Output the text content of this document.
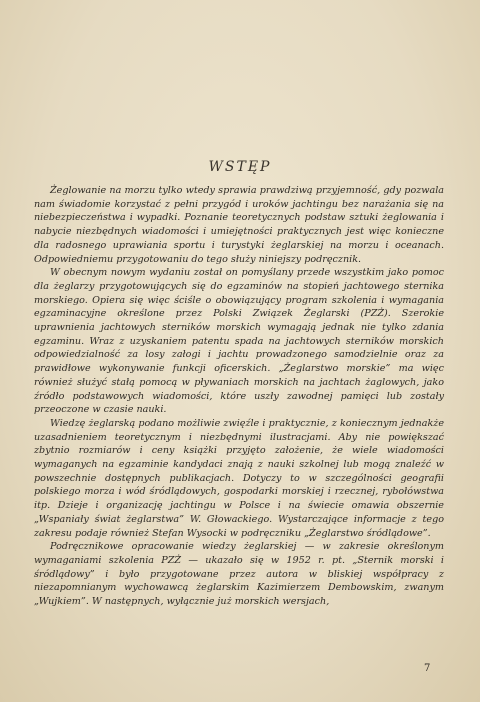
WSTĘP

Żeglowanie na morzu tylko wtedy sprawia prawdziwą przyjemność, gdy pozwala nam świadomie korzystać z pełni przygód i uroków jachtingu bez narażania się na niebezpieczeństwa i wypadki. Poznanie teoretycznych podstaw sztuki żeglowania i nabycie niezbędnych wiadomości i umiejętności praktycznych jest więc konieczne dla radosnego uprawiania sportu i turystyki żeglarskiej na morzu i oceanach. Odpowiedniemu przygotowaniu do tego służy niniejszy podręcznik.

W obecnym nowym wydaniu został on pomyślany przede wszystkim jako pomoc dla żeglarzy przygotowujących się do egzaminów na stopień jachtowego sternika morskiego. Opiera się więc ściśle o obowiązujący program szkolenia i wymagania egzaminacyjne określone przez Polski Związek Żeglarski (PZŻ). Szerokie uprawnienia jachtowych sterników morskich wymagają jednak nie tylko zdania egzaminu. Wraz z uzyskaniem patentu spada na jachtowych sterników morskich odpowiedzialność za losy załogi i jachtu prowadzonego samodzielnie oraz za prawidłowe wykonywanie funkcji oficerskich. „Żeglarstwo morskie” ma więc również służyć stałą pomocą w pływaniach morskich na jachtach żaglowych, jako źródło podstawowych wiadomości, które uszły zawodnej pamięci lub zostały przeoczone w czasie nauki.

Wiedzę żeglarską podano możliwie zwięźle i praktycznie, z koniecznym jednakże uzasadnieniem teoretycznym i niezbędnymi ilustracjami. Aby nie powiększać zbytnio rozmiarów i ceny książki przyjęto założenie, że wiele wiadomości wymaganych na egzaminie kandydaci znają z nauki szkolnej lub mogą znaleźć w powszechnie dostępnych publikacjach. Dotyczy to w szczególności geografii polskiego morza i wód śródlądowych, gospodarki morskiej i rzecznej, rybołówstwa itp. Dzieje i organizację jachtingu w Polsce i na świecie omawia obszernie „Wspaniały świat żeglarstwa” W. Głowackiego. Wystarczające informacje z tego zakresu podaje również Stefan Wysocki w podręczniku „Żeglarstwo śródlądowe”.

Podręcznikowe opracowanie wiedzy żeglarskiej — w zakresie określonym wymaganiami szkolenia PZŻ — ukazało się w 1952 r. pt. „Sternik morski i śródlądowy” i było przygotowane przez autora w bliskiej współpracy z niezapomnianym wychowawcą żeglarskim Kazimierzem Dembowskim, zwanym „Wujkiem”. W następnych, wyłącznie już morskich wersjach,

7
